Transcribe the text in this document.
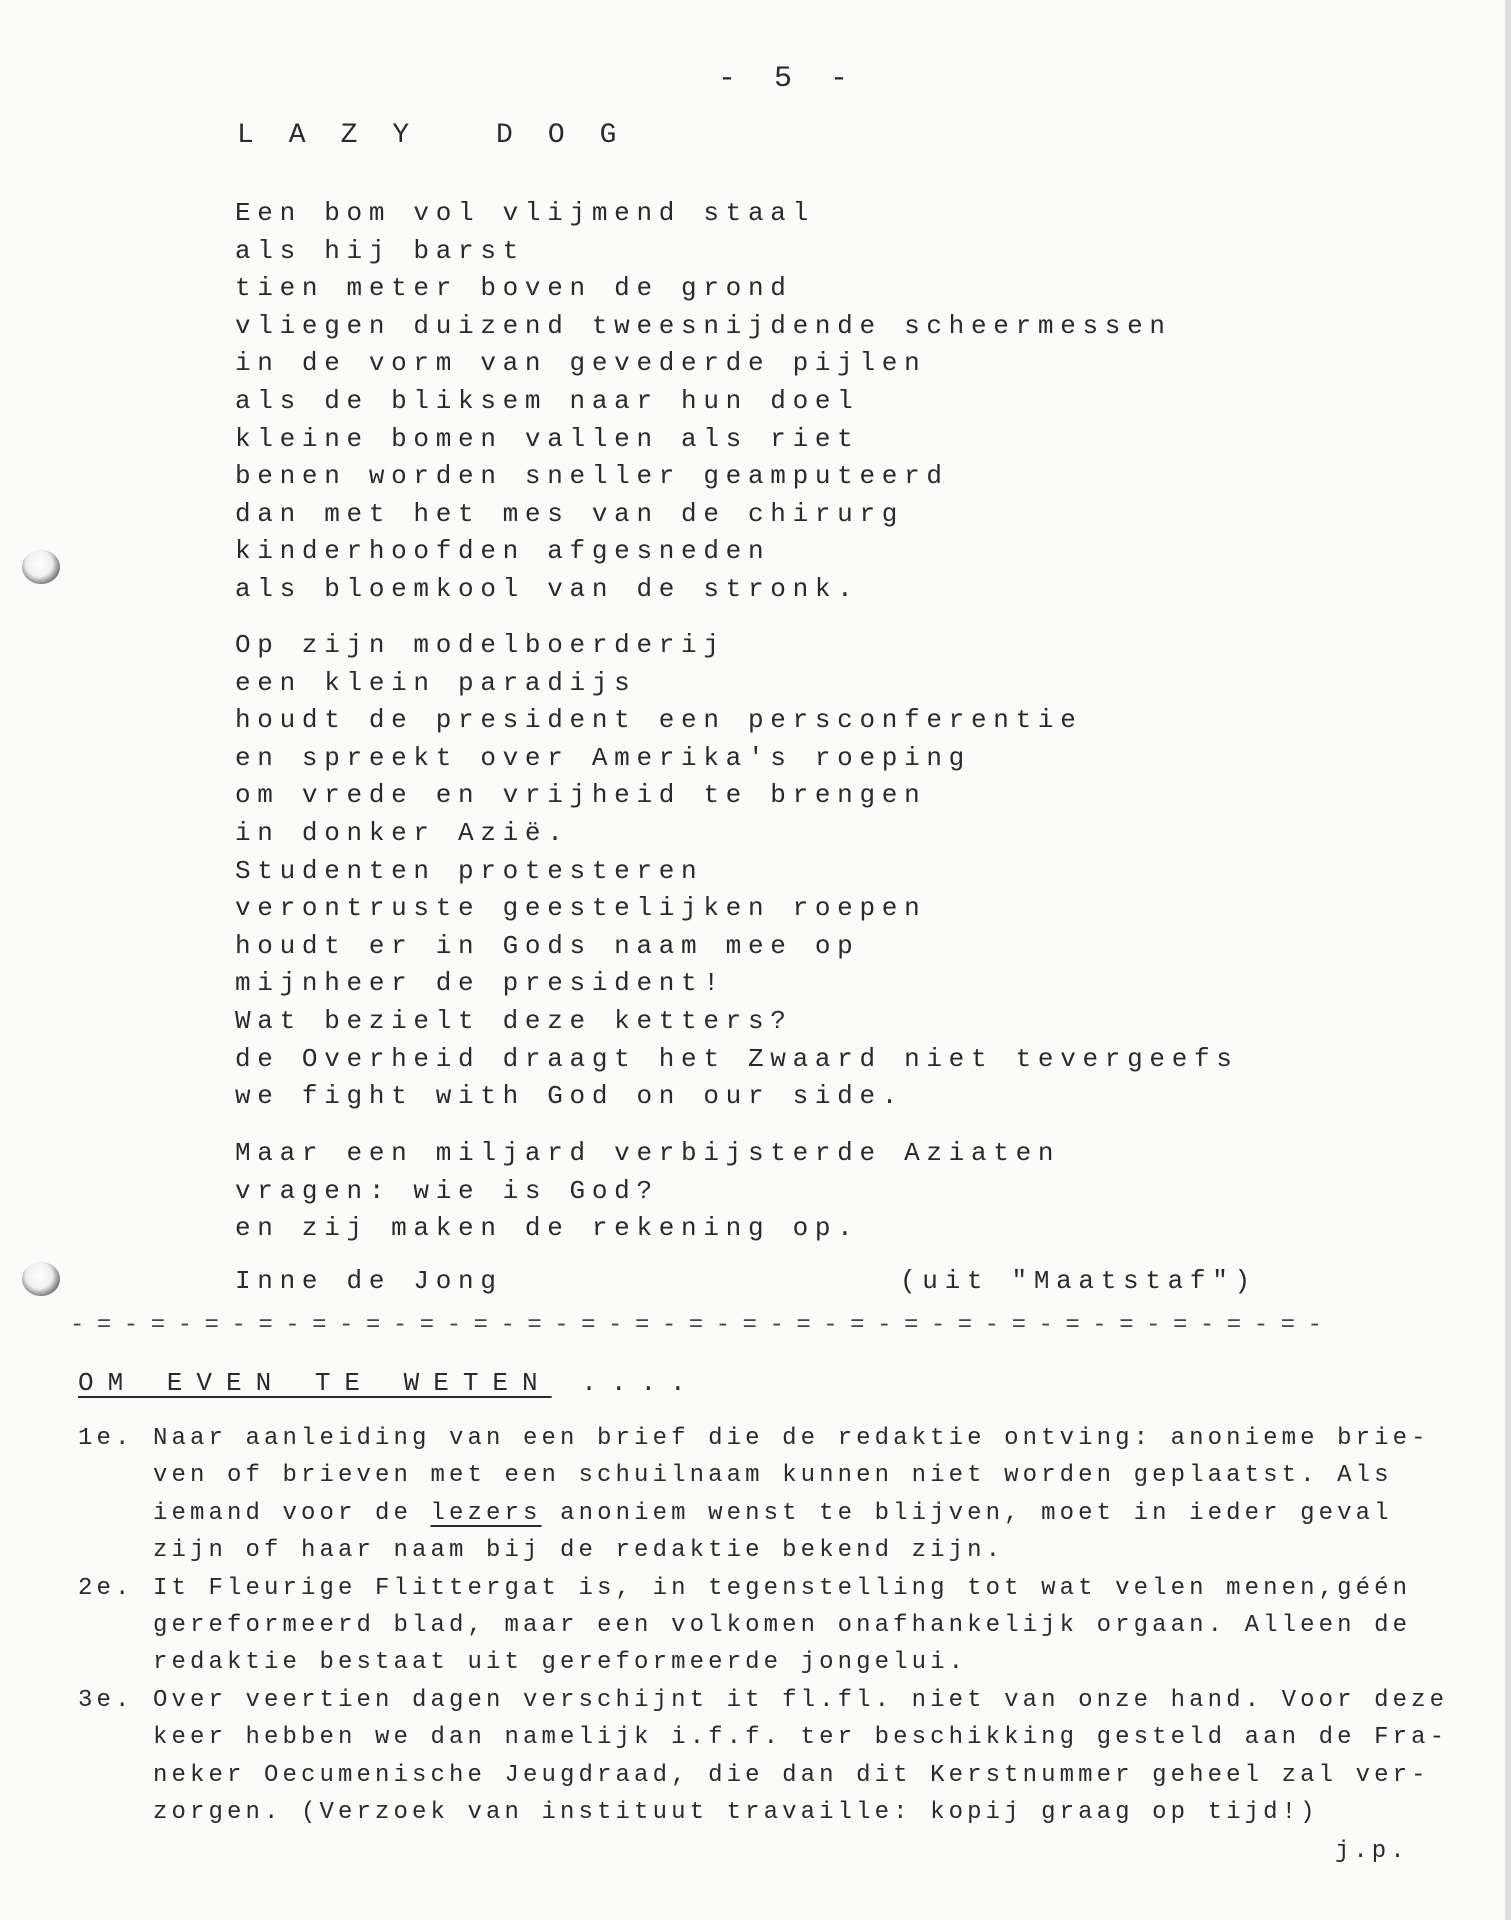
- 5 -
LAZY DOG
Een bom vol vlijmend staal
als hij barst
tien meter boven de grond
vliegen duizend tweesnijdende scheermessen
in de vorm van gevederde pijlen
als de bliksem naar hun doel
kleine bomen vallen als riet
benen worden sneller geamputeerd
dan met het mes van de chirurg
kinderhoofden afgesneden
als bloemkool van de stronk.
Op zijn modelboerderij
een klein paradijs
houdt de president een persconferentie
en spreekt over Amerika's roeping
om vrede en vrijheid te brengen
in donker Azië.
Studenten protesteren
verontruste geestelijken roepen
houdt er in Gods naam mee op
mijnheer de president!
Wat bezielt deze ketters?
de Overheid draagt het Zwaard niet tevergeefs
we fight with God on our side.
Maar een miljard verbijsterde Aziaten
vragen: wie is God?
en zij maken de rekening op.
Inne de Jong	(uit "Maatstaf")
-=-=-=-=-=-=-=-=-=-=-=-=-=-=-=-=-=-=-=-=-=-=-=-
OM EVEN TE WETEN ....
1e. Naar aanleiding van een brief die de redaktie ontving: anonieme brie-
ven of brieven met een schuilnaam kunnen niet worden geplaatst. Als
iemand voor de lezers anoniem wenst te blijven, moet in ieder geval
zijn of haar naam bij de redaktie bekend zijn.
2e. It Fleurige Flittergat is, in tegenstelling tot wat velen menen,géén
gereformeerd blad, maar een volkomen onafhankelijk orgaan. Alleen de
redaktie bestaat uit gereformeerde jongelui.
3e. Over veertien dagen verschijnt it fl.fl. niet van onze hand. Voor deze
keer hebben we dan namelijk i.f.f. ter beschikking gesteld aan de Fra-
neker Oecumenische Jeugdraad, die dan dit Kerstnummer geheel zal ver-
zorgen. (Verzoek van instituut travaille: kopij graag op tijd!)
j.p.
